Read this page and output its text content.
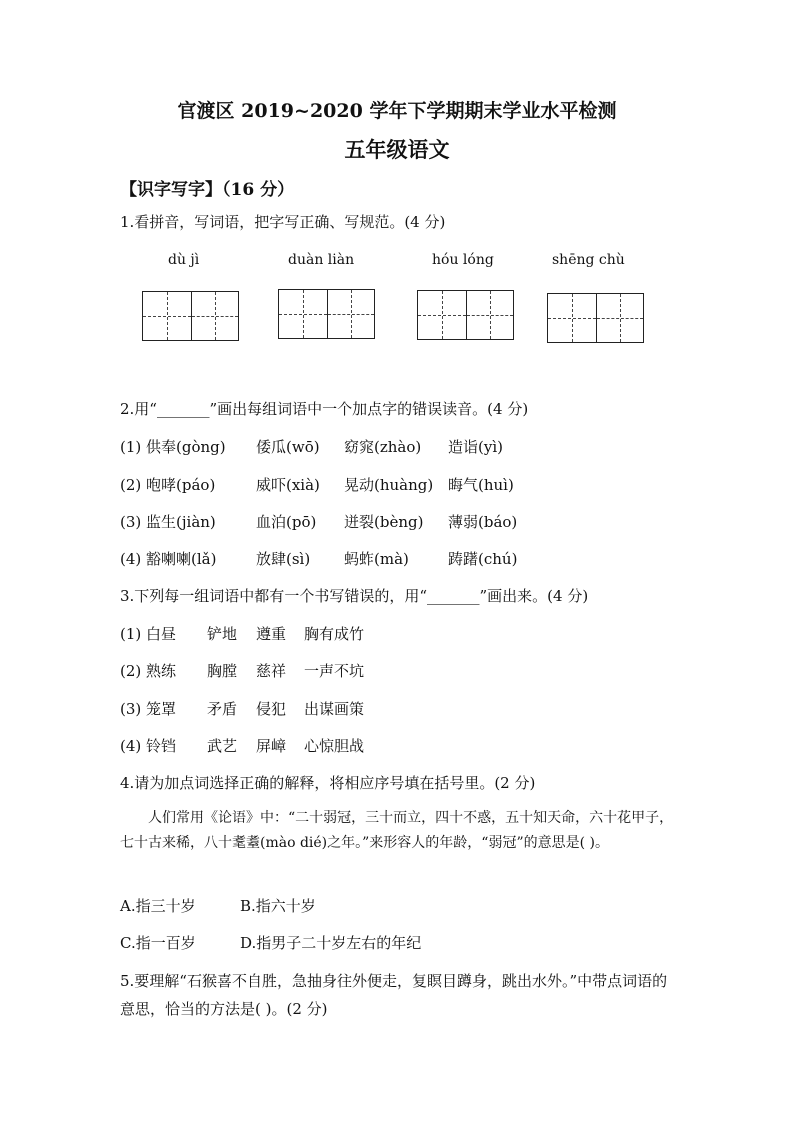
官渡区 2019~2020 学年下学期期末学业水平检测
五年级语文
【识字写字】（16 分）
1.看拼音，写词语，把字写正确、写规范。(4 分)
dù jì	duàn liàn	hóu lóng	shēng chù
2.用“_______”画出每组词语中一个加点字的错误读音。(4 分)
(1) 供奉(gòng) 倭瓜(wō) 窈窕(zhào) 造诣(yì)
(2) 咆哮(páo)	威吓(xià) 晃动(huàng) 晦气(huì)
(3) 监生(jiàn)	血泊(pō) 迸裂(bèng) 薄弱(báo)
(4) 豁喇喇(lǎ)	放肆(sì) 蚂蚱(mà)	踌躇(chú)
3.下列每一组词语中都有一个书写错误的，用“_______”画出来。(4 分)
(1) 白昼 铲地 遵重 胸有成竹
(2) 熟练 胸膛 慈祥 一声不坑
(3) 笼罩 矛盾 侵犯 出谋画策
(4) 铃铛 武艺 屏嶂 心惊胆战
4.请为加点词选择正确的解释，将相应序号填在括号里。(2 分)

人们常用《论语》中：“二十弱冠，三十而立，四十不惑，五十知天命，六十花甲子，七十古来稀，八十耄耋(mào dié)之年。”来形容人的年龄，“弱冠”的意思是( )。

A.指三十岁	B.指六十岁
C.指一百岁	D.指男子二十岁左右的年纪
5.要理解“石猴喜不自胜，急抽身往外便走，复瞑目蹲身，跳出水外。”中带点词语的意思，恰当的方法是( )。(2 分)
